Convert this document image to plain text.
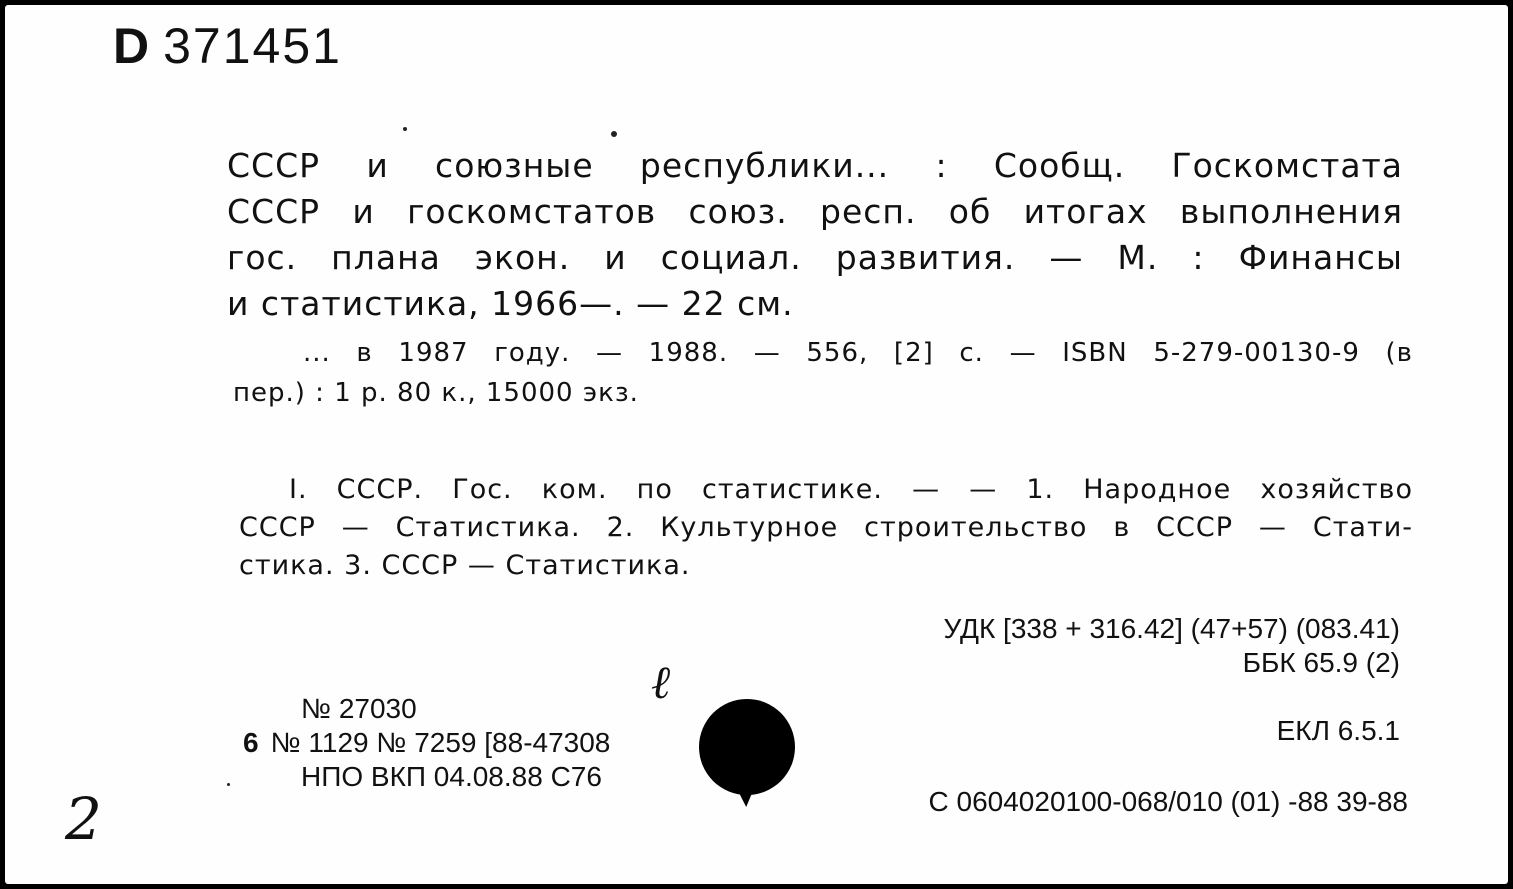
D 371451
СССР и союзные республики... : Сообщ. Госкомстата
СССР и госкомстатов союз. респ. об итогах выполнения
гос. плана экон. и социал. развития. — М. : Финансы
и статистика, 1966—. — 22 см.
... в 1987 году. — 1988. — 556, [2] с. — ISBN 5-279-00130-9 (в
пер.) : 1 р. 80 к., 15000 экз.
I. СССР. Гос. ком. по статистике. — — 1. Народное хозяйство
СССР — Статистика. 2. Культурное строительство в СССР — Стати-
стика. 3. СССР — Статистика.
УДК [338 + 316.42] (47+57) (083.41)
ББК 65.9 (2)
ЕКЛ 6.5.1
С 0604020100-068/010 (01) -88 39-88
№ 27030
6 № 1129 № 7259 [88-47308
НПО ВКП 04.08.88 С76
ℓ
2
